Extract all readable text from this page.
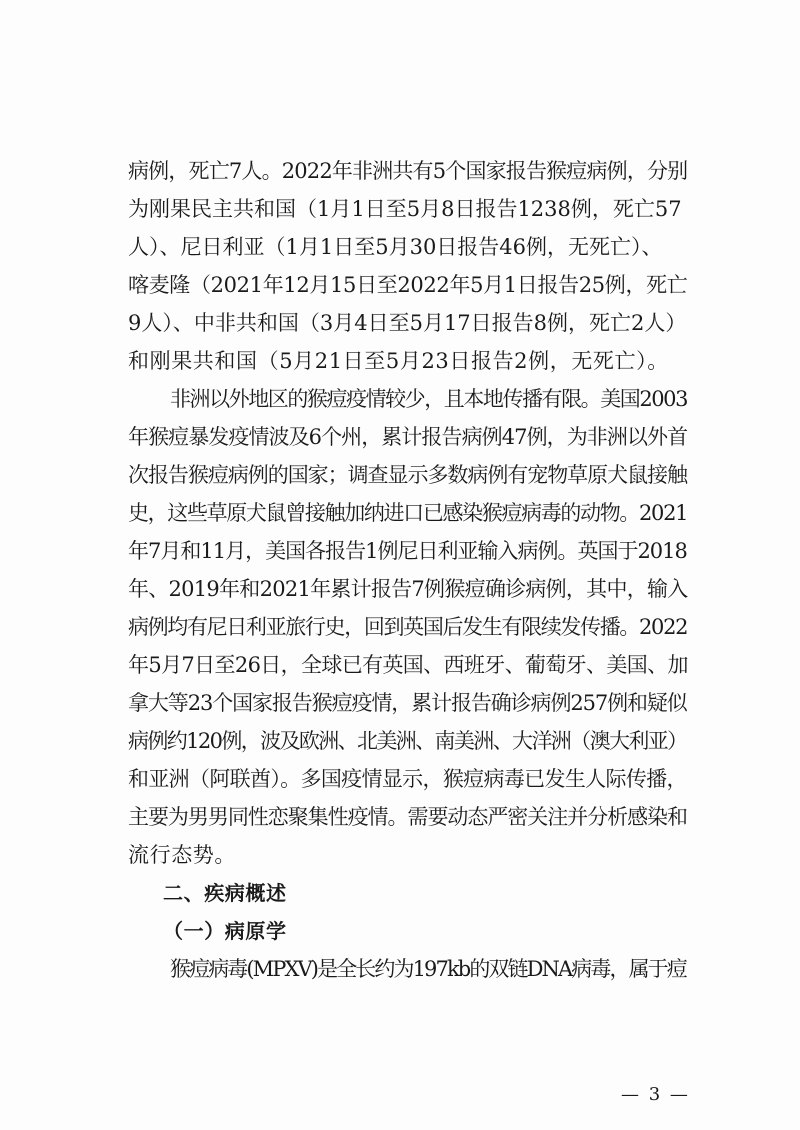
病例，死亡7人。2022年非洲共有5个国家报告猴痘病例，分别
为刚果民主共和国（1月1日至5月8日报告1238例，死亡57
人）、尼日利亚（1月1日至5月30日报告46例，无死亡）、
喀麦隆（2021年12月15日至2022年5月1日报告25例，死亡
9人）、中非共和国（3月4日至5月17日报告8例，死亡2人）
和刚果共和国（5月21日至5月23日报告2例，无死亡）。
非洲以外地区的猴痘疫情较少，且本地传播有限。美国2003
年猴痘暴发疫情波及6个州，累计报告病例47例，为非洲以外首
次报告猴痘病例的国家；调查显示多数病例有宠物草原犬鼠接触
史，这些草原犬鼠曾接触加纳进口已感染猴痘病毒的动物。2021
年7月和11月，美国各报告1例尼日利亚输入病例。英国于2018
年、2019年和2021年累计报告7例猴痘确诊病例，其中，输入
病例均有尼日利亚旅行史，回到英国后发生有限续发传播。2022
年5月7日至26日，全球已有英国、西班牙、葡萄牙、美国、加
拿大等23个国家报告猴痘疫情，累计报告确诊病例257例和疑似
病例约120例，波及欧洲、北美洲、南美洲、大洋洲（澳大利亚）
和亚洲（阿联酋）。多国疫情显示，猴痘病毒已发生人际传播，
主要为男男同性恋聚集性疫情。需要动态严密关注并分析感染和
流行态势。
二、疾病概述
（一）病原学
猴痘病毒(MPXV)是全长约为197kb的双链DNA病毒，属于痘
— 3 —
